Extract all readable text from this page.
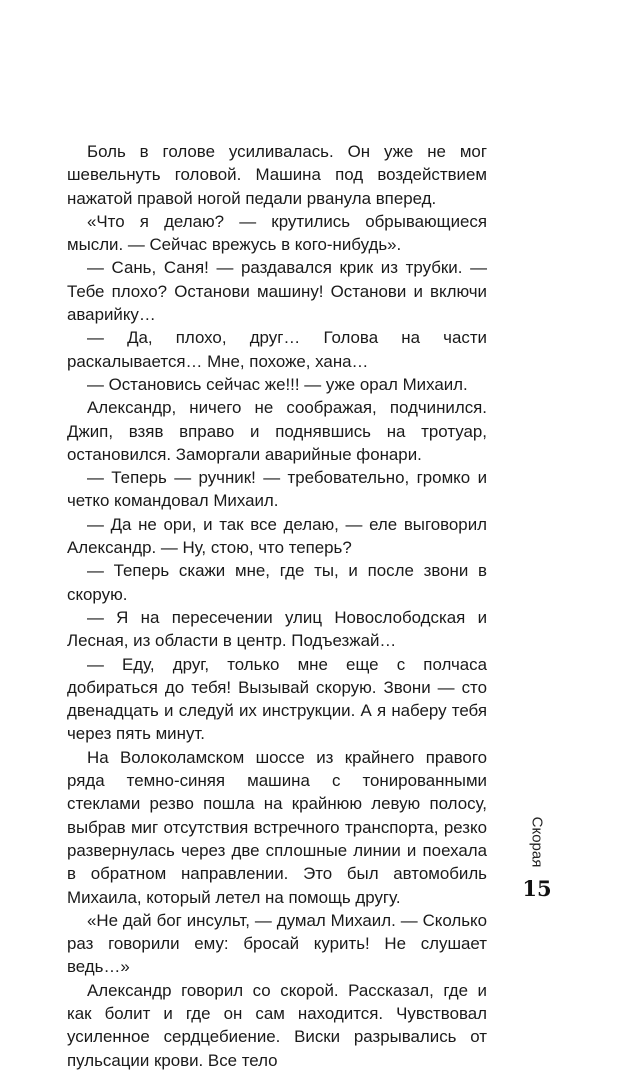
Боль в голове усиливалась. Он уже не мог шевельнуть головой. Машина под воздействием нажатой правой ногой педали рванула вперед.

«Что я делаю? — крутились обрывающиеся мысли. — Сейчас врежусь в кого-нибудь».

— Сань, Саня! — раздавался крик из трубки. — Тебе плохо? Останови машину! Останови и включи аварийку…

— Да, плохо, друг… Голова на части раскалывается… Мне, похоже, хана…

— Остановись сейчас же!!! — уже орал Михаил.

Александр, ничего не соображая, подчинился. Джип, взяв вправо и поднявшись на тротуар, остановился. Заморгали аварийные фонари.

— Теперь — ручник! — требовательно, громко и четко командовал Михаил.

— Да не ори, и так все делаю, — еле выговорил Александр. — Ну, стою, что теперь?

— Теперь скажи мне, где ты, и после звони в скорую.

— Я на пересечении улиц Новослободская и Лесная, из области в центр. Подъезжай…

— Еду, друг, только мне еще с полчаса добираться до тебя! Вызывай скорую. Звони — сто двенадцать и следуй их инструкции. А я наберу тебя через пять минут.

На Волоколамском шоссе из крайнего правого ряда темно-синяя машина с тонированными стеклами резво пошла на крайнюю левую полосу, выбрав миг отсутствия встречного транспорта, резко развернулась через две сплошные линии и поехала в обратном направлении. Это был автомобиль Михаила, который летел на помощь другу.

«Не дай бог инсульт, — думал Михаил. — Сколько раз говорили ему: бросай курить! Не слушает ведь…»

Александр говорил со скорой. Рассказал, где и как болит и где он сам находится. Чувствовал усиленное сердцебиение. Виски разрывались от пульсации крови. Все тело

Скорая
15
